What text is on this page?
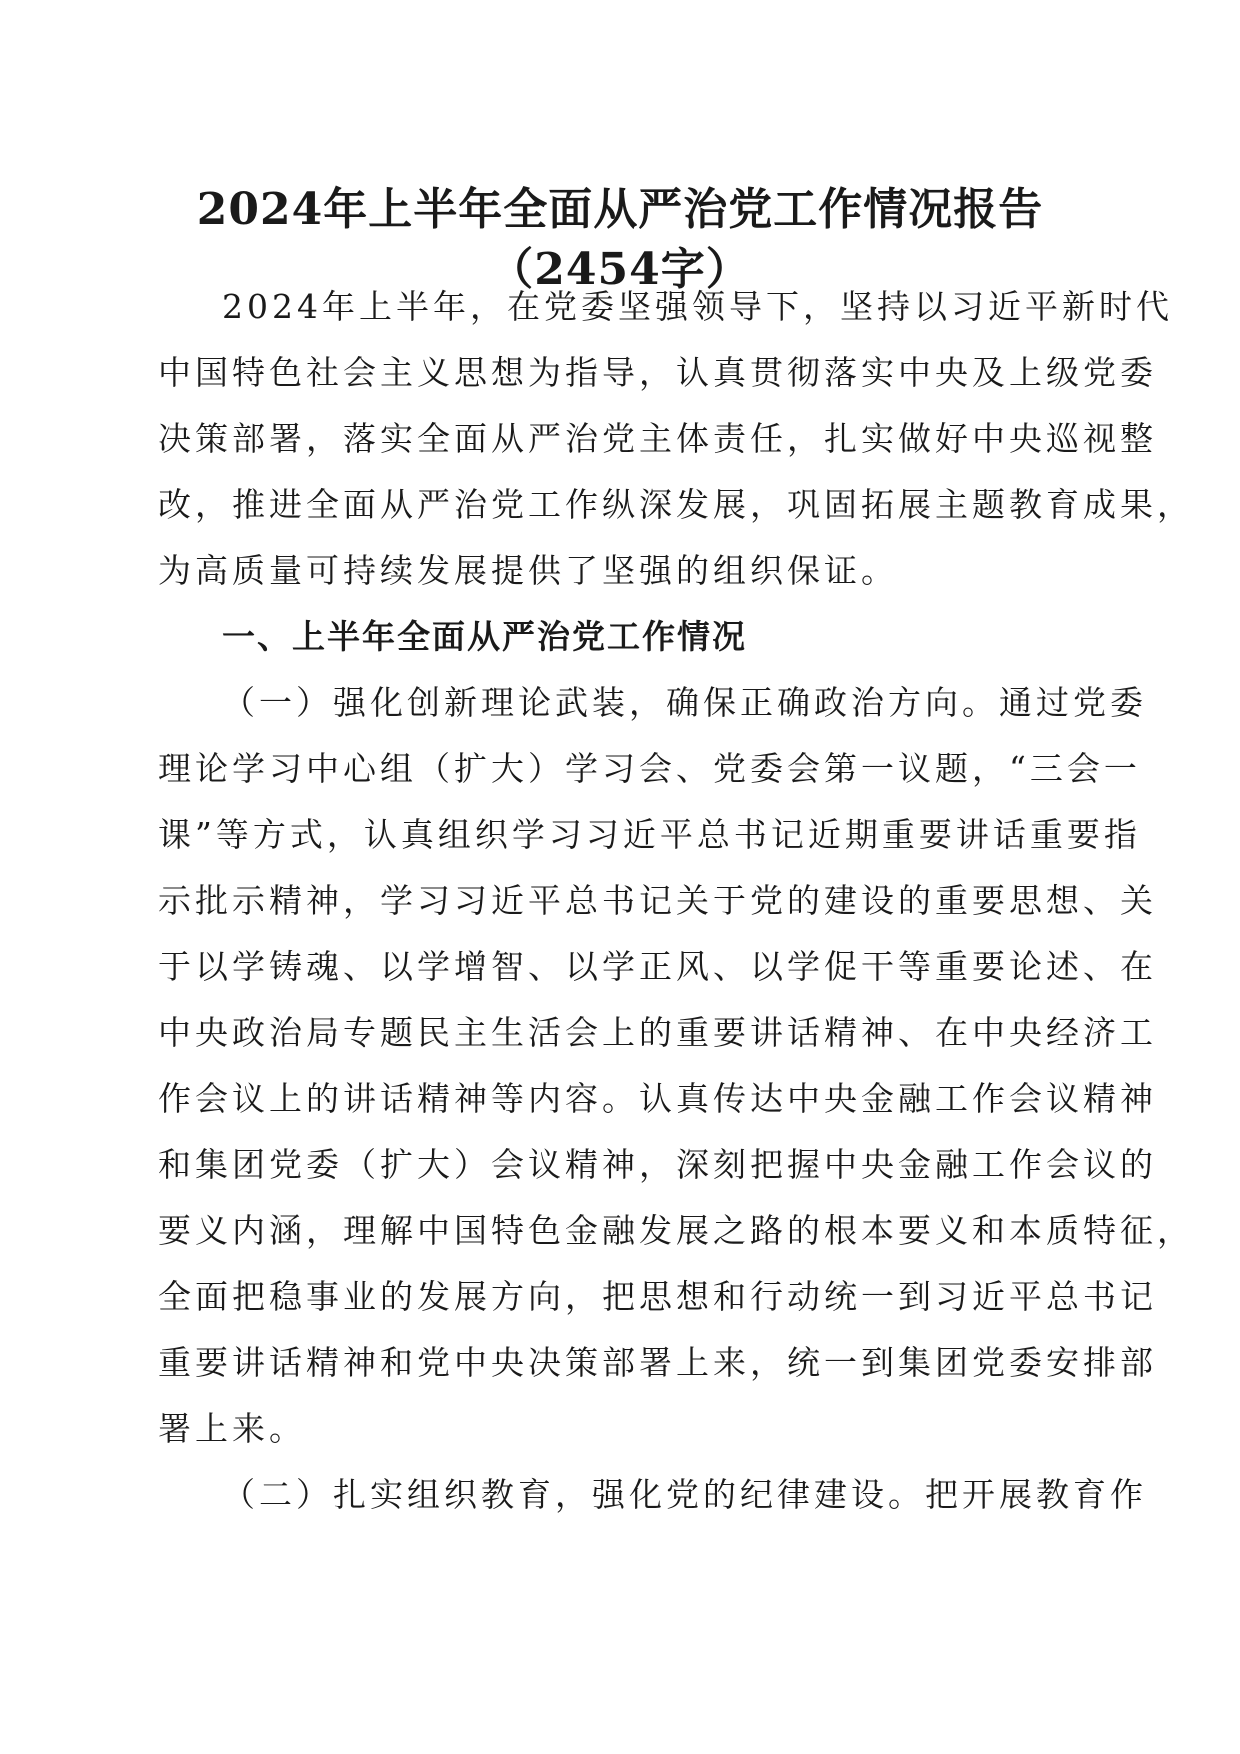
2024年上半年全面从严治党工作情况报告
（2454字）
2024年上半年，在党委坚强领导下，坚持以习近平新时代
中国特色社会主义思想为指导，认真贯彻落实中央及上级党委
决策部署，落实全面从严治党主体责任，扎实做好中央巡视整
改，推进全面从严治党工作纵深发展，巩固拓展主题教育成果，
为高质量可持续发展提供了坚强的组织保证。
一、上半年全面从严治党工作情况
（一）强化创新理论武装，确保正确政治方向。通过党委
理论学习中心组（扩大）学习会、党委会第一议题，“三会一
课”等方式，认真组织学习习近平总书记近期重要讲话重要指
示批示精神，学习习近平总书记关于党的建设的重要思想、关
于以学铸魂、以学增智、以学正风、以学促干等重要论述、在
中央政治局专题民主生活会上的重要讲话精神、在中央经济工
作会议上的讲话精神等内容。认真传达中央金融工作会议精神
和集团党委（扩大）会议精神，深刻把握中央金融工作会议的
要义内涵，理解中国特色金融发展之路的根本要义和本质特征，
全面把稳事业的发展方向，把思想和行动统一到习近平总书记
重要讲话精神和党中央决策部署上来，统一到集团党委安排部
署上来。
（二）扎实组织教育，强化党的纪律建设。把开展教育作
